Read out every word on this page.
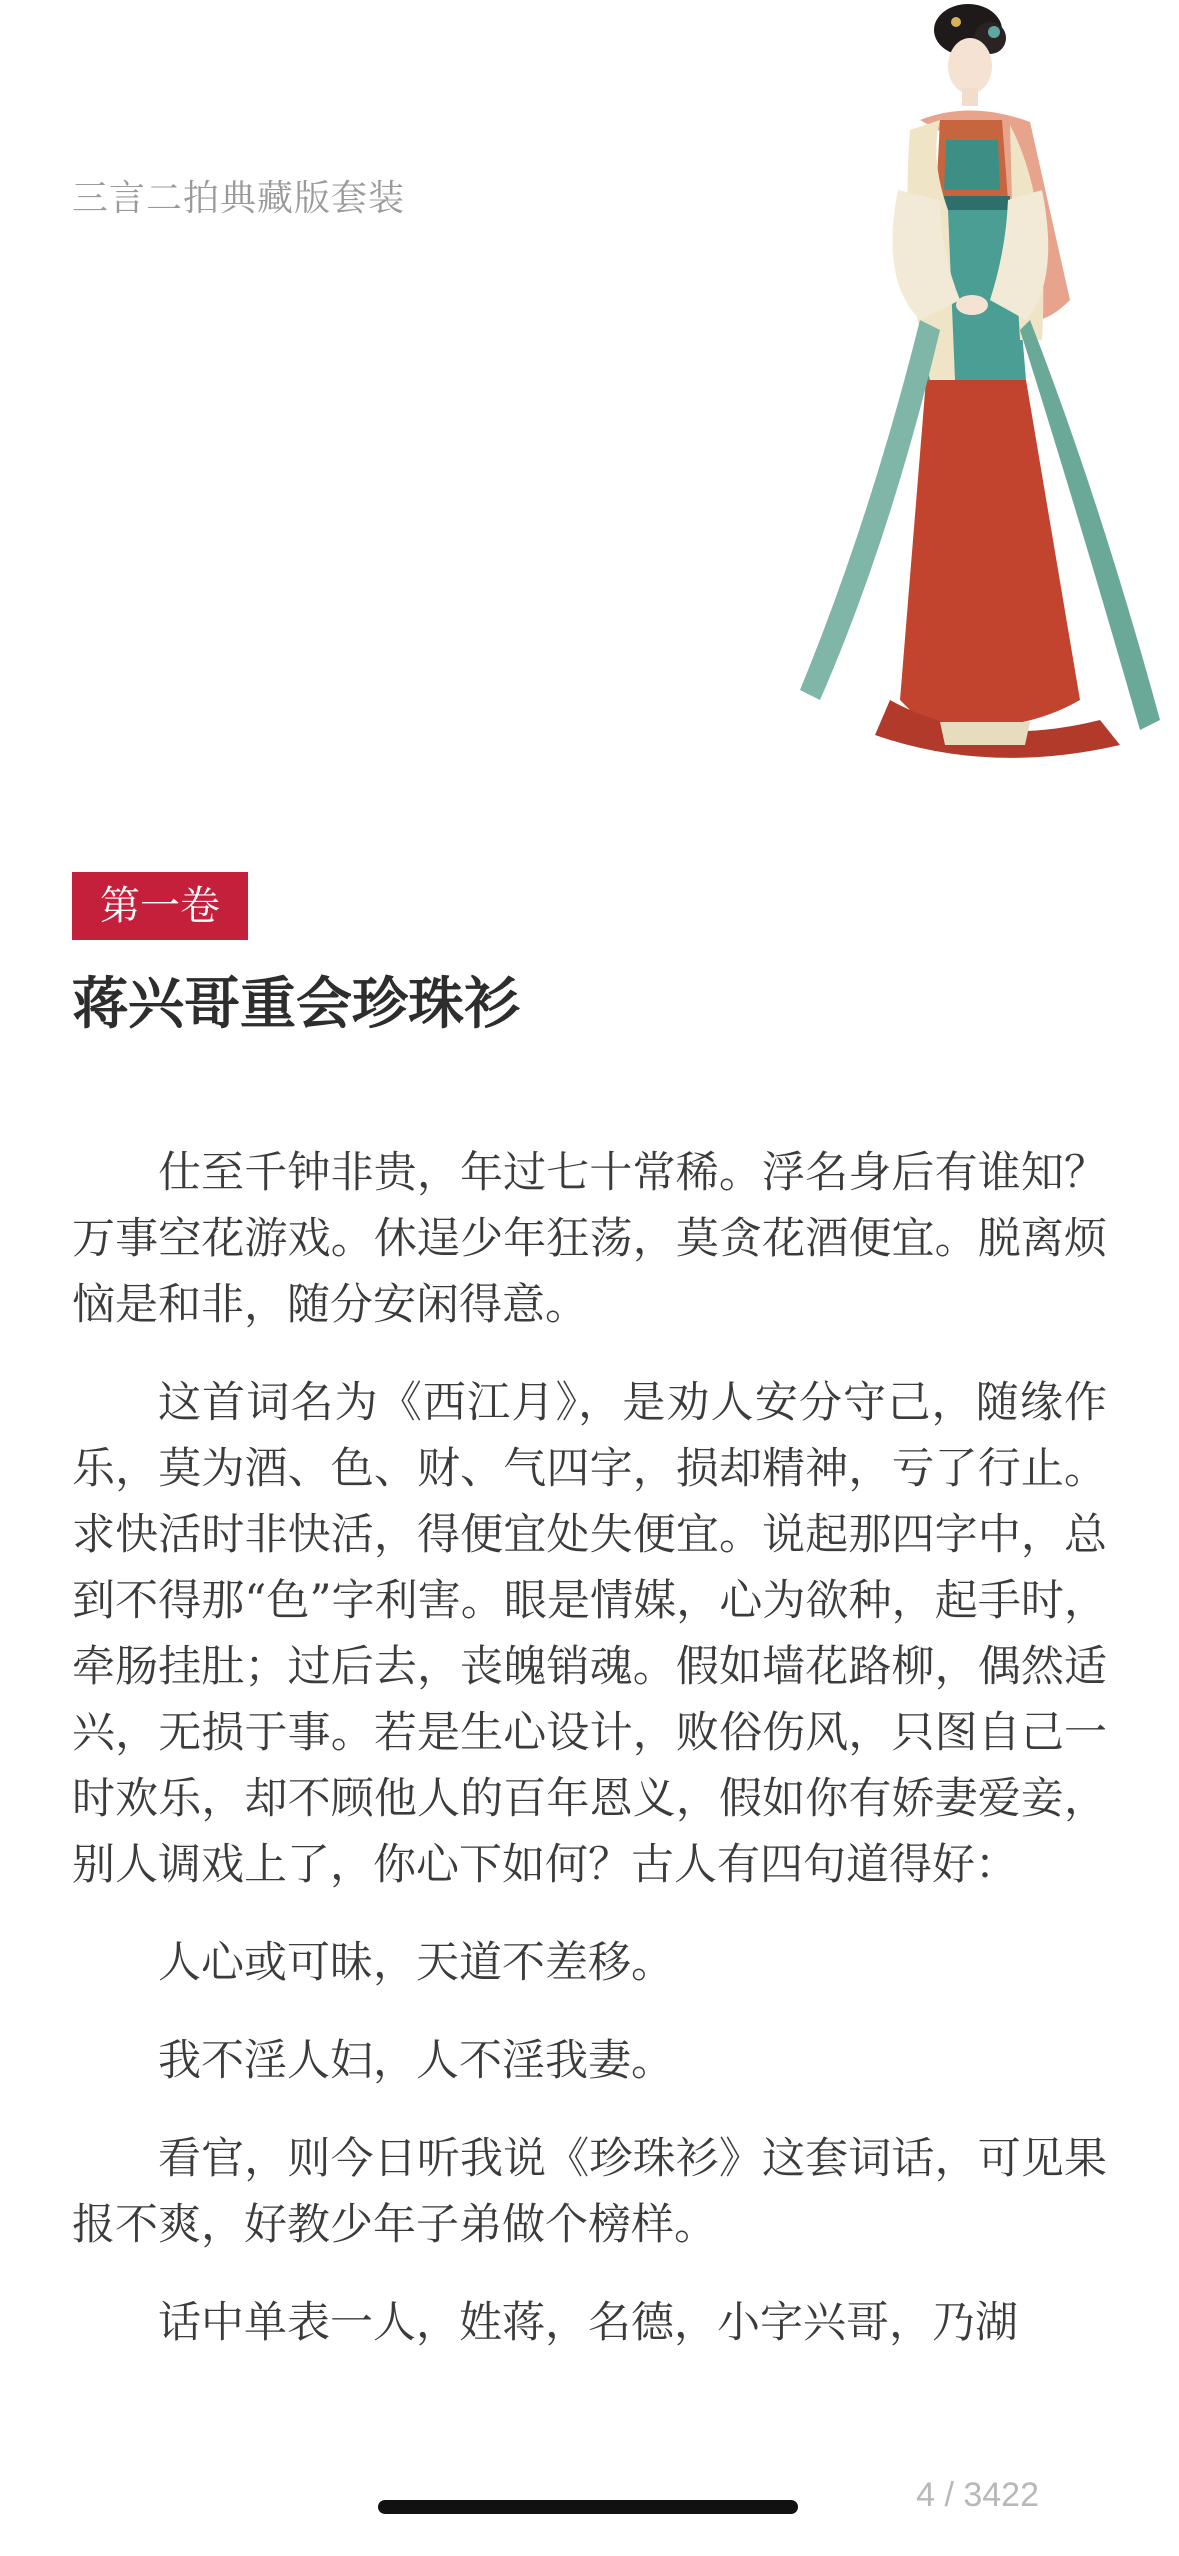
三言二拍典藏版套装
第一卷
蒋兴哥重会珍珠衫

仕至千钟非贵，年过七十常稀。浮名身后有谁知？万事空花游戏。休逞少年狂荡，莫贪花酒便宜。脱离烦恼是和非，随分安闲得意。

这首词名为《西江月》，是劝人安分守己，随缘作乐，莫为酒、色、财、气四字，损却精神，亏了行止。求快活时非快活，得便宜处失便宜。说起那四字中，总到不得那“色”字利害。眼是情媒，心为欲种，起手时，牵肠挂肚；过后去，丧魄销魂。假如墙花路柳，偶然适兴，无损于事。若是生心设计，败俗伤风，只图自己一时欢乐，却不顾他人的百年恩义，假如你有娇妻爱妾，别人调戏上了，你心下如何？古人有四句道得好：

人心或可昧，天道不差移。

我不淫人妇，人不淫我妻。

看官，则今日听我说《珍珠衫》这套词话，可见果报不爽，好教少年子弟做个榜样。

话中单表一人，姓蒋，名德，小字兴哥，乃湖

4 / 3422
